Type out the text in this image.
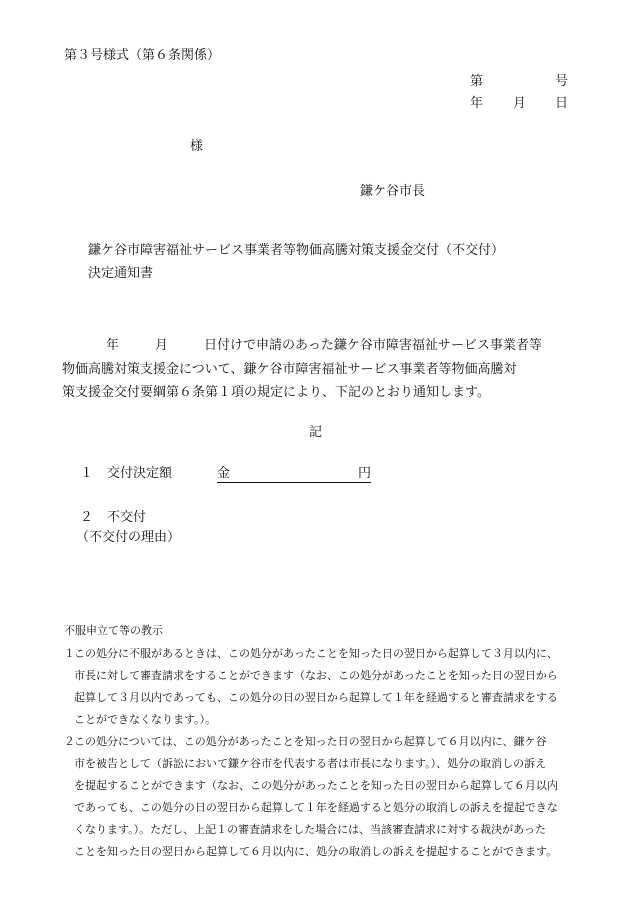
第３号様式（第６条関係）
第	号
年 月 日
様
鎌ケ谷市長
鎌ケ谷市障害福祉サービス事業者等物価高騰対策支援金交付（不交付）
決定通知書
年	月	日付けで申請のあった鎌ケ谷市障害福祉サービス事業者等
物価高騰対策支援金について、鎌ケ谷市障害福祉サービス事業者等物価高騰対
策支援金交付要綱第６条第１項の規定により、下記のとおり通知します。
記
１ 交付決定額	金	円
２ 不交付
（不交付の理由）
不服申立て等の教示
１ この処分に不服があるときは、この処分があったことを知った日の翌日から起算して３月以内に、
市長に対して審査請求をすることができます（なお、この処分があったことを知った日の翌日から
起算して３月以内であっても、この処分の日の翌日から起算して１年を経過すると審査請求をする
ことができなくなります。）。
２ この処分については、この処分があったことを知った日の翌日から起算して６月以内に、鎌ケ谷
市を被告として（訴訟において鎌ケ谷市を代表する者は市長になります。）、処分の取消しの訴え
を提起することができます（なお、この処分があったことを知った日の翌日から起算して６月以内
であっても、この処分の日の翌日から起算して１年を経過すると処分の取消しの訴えを提起できな
くなります。）。ただし、上記１の審査請求をした場合には、当該審査請求に対する裁決があった
ことを知った日の翌日から起算して６月以内に、処分の取消しの訴えを提起することができます。
